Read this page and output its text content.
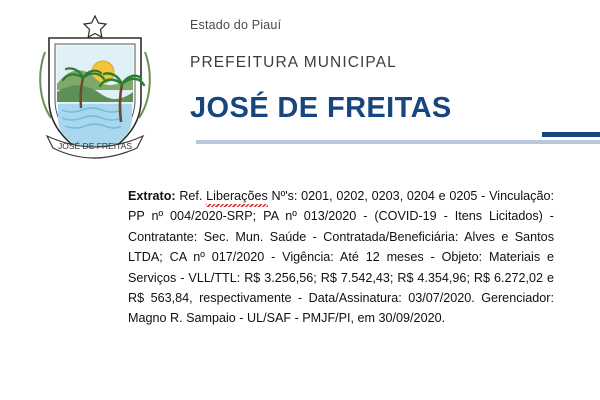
JOSÉ DE FREITAS

Estado do Piauí

PREFEITURA MUNICIPAL

JOSÉ DE FREITAS
Extrato: Ref. Liberações Nº's: 0201, 0202, 0203, 0204 e 0205 - Vinculação: PP nº 004/2020-SRP; PA nº 013/2020 - (COVID-19 - Itens Licitados) - Contratante: Sec. Mun. Saúde - Contratada/Beneficiária: Alves e Santos LTDA; CA nº 017/2020 - Vigência: Até 12 meses - Objeto: Materiais e Serviços - VLL/TTL: R$ 3.256,56; R$ 7.542,43; R$ 4.354,96; R$ 6.272,02 e R$ 563,84, respectivamente - Data/Assinatura: 03/07/2020. Gerenciador: Magno R. Sampaio - UL/SAF - PMJF/PI, em 30/09/2020.
